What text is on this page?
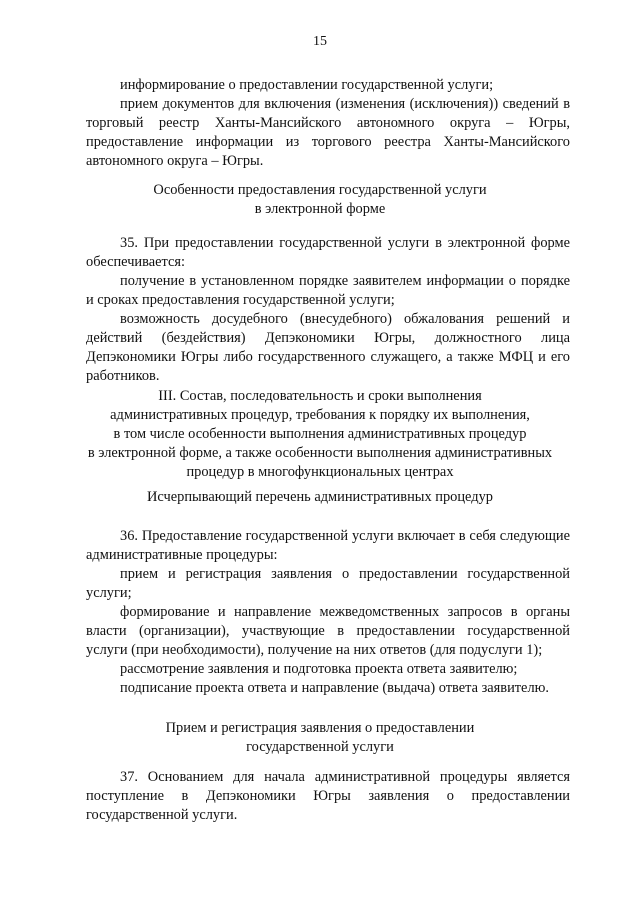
15

информирование о предоставлении государственной услуги;

прием документов для включения (изменения (исключения)) сведений в торговый реестр Ханты-Мансийского автономного округа – Югры, предоставление информации из торгового реестра Ханты-Мансийского автономного округа – Югры.

Особенности предоставления государственной услуги
в электронной форме

35. При предоставлении государственной услуги в электронной форме обеспечивается:

получение в установленном порядке заявителем информации о порядке и сроках предоставления государственной услуги;

возможность досудебного (внесудебного) обжалования решений и действий (бездействия) Депэкономики Югры, должностного лица Депэкономики Югры либо государственного служащего, а также МФЦ и его работников.

III. Состав, последовательность и сроки выполнения
административных процедур, требования к порядку их выполнения,
в том числе особенности выполнения административных процедур
в электронной форме, а также особенности выполнения административных
процедур в многофункциональных центрах
Исчерпывающий перечень административных процедур

36. Предоставление государственной услуги включает в себя следующие административные процедуры:

прием и регистрация заявления о предоставлении государственной услуги;

формирование и направление межведомственных запросов в органы власти (организации), участвующие в предоставлении государственной услуги (при необходимости), получение на них ответов (для подуслуги 1);

рассмотрение заявления и подготовка проекта ответа заявителю;

подписание проекта ответа и направление (выдача) ответа заявителю.

Прием и регистрация заявления о предоставлении
государственной услуги

37. Основанием для начала административной процедуры является поступление в Депэкономики Югры заявления о предоставлении государственной услуги.
